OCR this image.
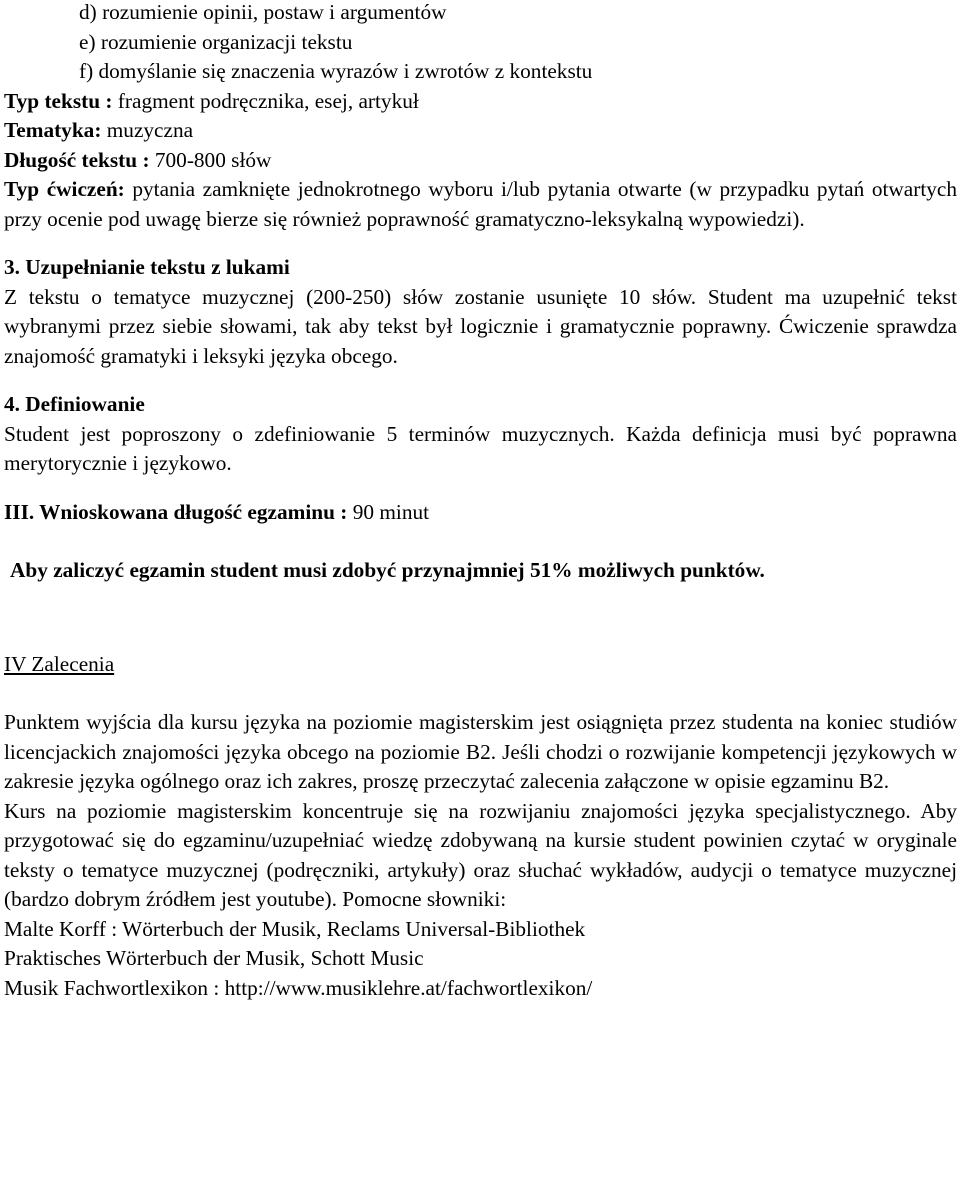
d) rozumienie opinii, postaw i argumentów
e) rozumienie organizacji tekstu
f) domyślanie się znaczenia wyrazów i zwrotów z kontekstu
Typ tekstu : fragment podręcznika, esej, artykuł
Tematyka: muzyczna
Długość tekstu : 700-800 słów

Typ ćwiczeń: pytania zamknięte jednokrotnego wyboru i/lub pytania otwarte (w przypadku pytań otwartych przy ocenie pod uwagę bierze się również poprawność gramatyczno-leksykalną wypowiedzi).

3. Uzupełnianie tekstu z lukami

Z tekstu o tematyce muzycznej (200-250) słów zostanie usunięte 10 słów. Student ma uzupełnić tekst wybranymi przez siebie słowami, tak aby tekst był logicznie i gramatycznie poprawny. Ćwiczenie sprawdza znajomość gramatyki i leksyki języka obcego.

4. Definiowanie

Student jest poproszony o zdefiniowanie 5 terminów muzycznych. Każda definicja musi być poprawna merytorycznie i językowo.

III. Wnioskowana długość egzaminu : 90 minut
Aby zaliczyć egzamin student musi zdobyć przynajmniej 51% możliwych punktów.
IV Zalecenia

Punktem wyjścia dla kursu języka na poziomie magisterskim jest osiągnięta przez studenta na koniec studiów licencjackich znajomości języka obcego na poziomie B2. Jeśli chodzi o rozwijanie kompetencji językowych w zakresie języka ogólnego oraz ich zakres, proszę przeczytać zalecenia załączone w opisie egzaminu B2.

Kurs na poziomie magisterskim koncentruje się na rozwijaniu znajomości języka specjalistycznego. Aby przygotować się do egzaminu/uzupełniać wiedzę zdobywaną na kursie student powinien czytać w oryginale teksty o tematyce muzycznej (podręczniki, artykuły) oraz słuchać wykładów, audycji o tematyce muzycznej (bardzo dobrym źródłem jest youtube). Pomocne słowniki:

Malte Korff : Wörterbuch der Musik, Reclams Universal-Bibliothek
Praktisches Wörterbuch der Musik, Schott Music
Musik Fachwortlexikon : http://www.musiklehre.at/fachwortlexikon/
